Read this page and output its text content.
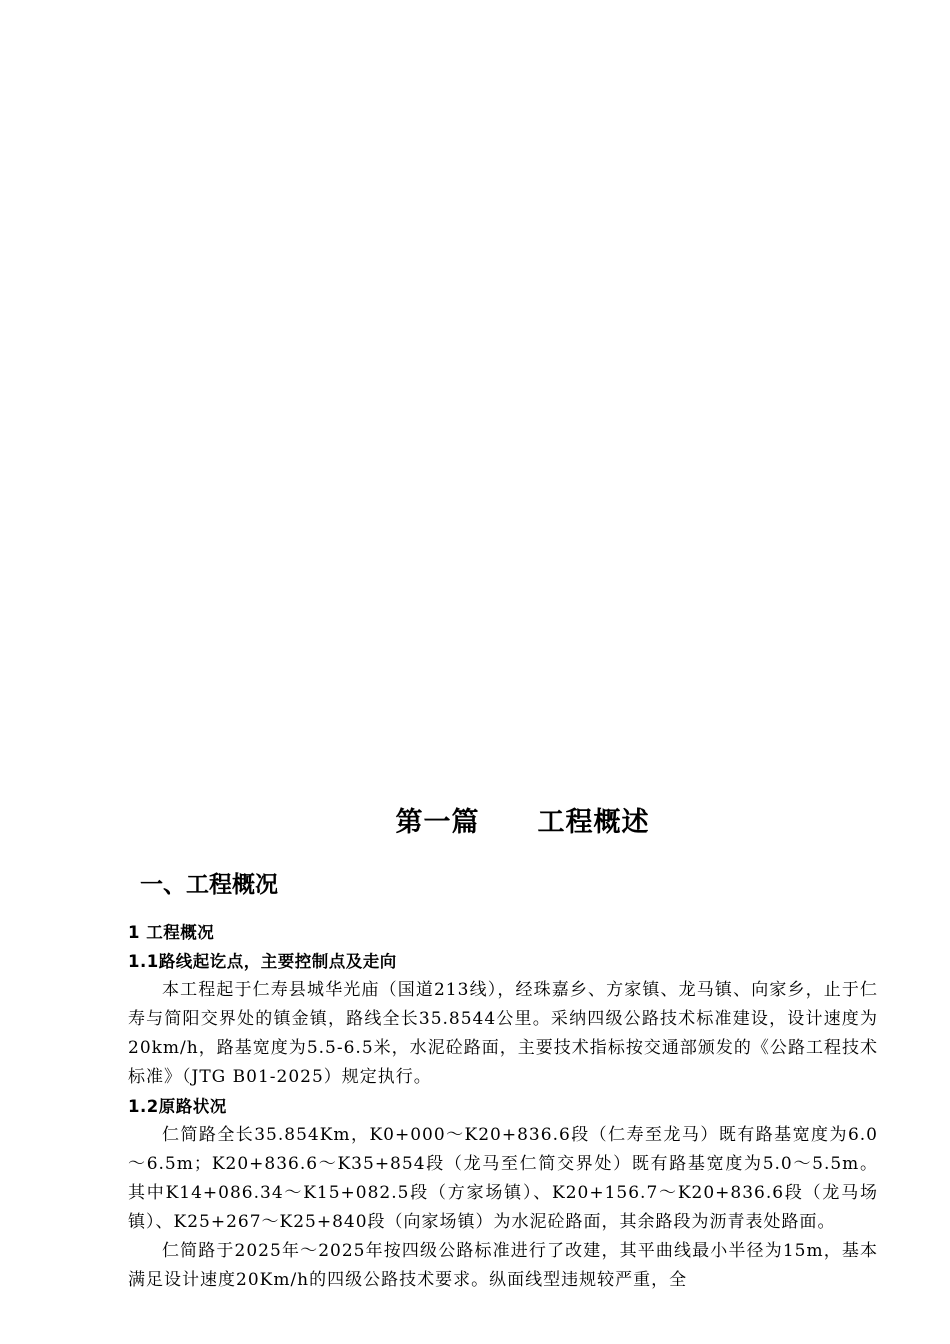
第一篇 工程概述
一、工程概况

1 工程概况

1.1路线起讫点，主要控制点及走向

本工程起于仁寿县城华光庙（国道213线），经珠嘉乡、方家镇、龙马镇、向家乡，止于仁寿与简阳交界处的镇金镇，路线全长35.8544公里。采纳四级公路技术标准建设，设计速度为20km/h，路基宽度为5.5-6.5米，水泥砼路面，主要技术指标按交通部颁发的《公路工程技术标准》（JTG B01-2025）规定执行。

1.2原路状况

仁简路全长35.854Km，K0+000～K20+836.6段（仁寿至龙马）既有路基宽度为6.0～6.5m；K20+836.6～K35+854段（龙马至仁简交界处）既有路基宽度为5.0～5.5m。其中K14+086.34～K15+082.5段（方家场镇）、K20+156.7～K20+836.6段（龙马场镇）、K25+267～K25+840段（向家场镇）为水泥砼路面，其余路段为沥青表处路面。

仁简路于2025年～2025年按四级公路标准进行了改建，其平曲线最小半径为15m，基本满足设计速度20Km/h的四级公路技术要求。纵面线型违规较严重，全
